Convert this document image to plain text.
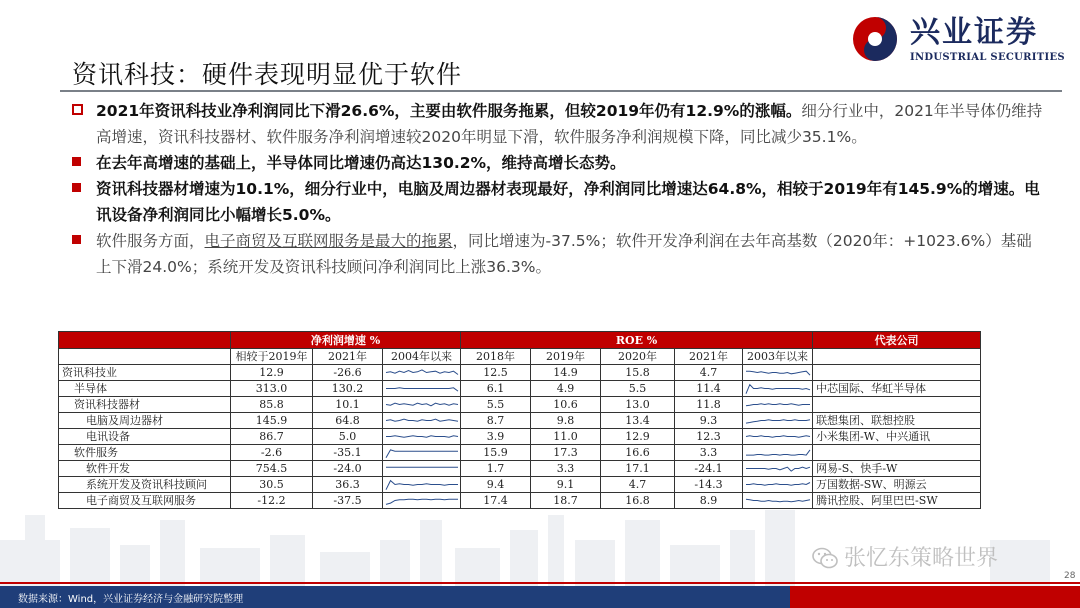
兴业证券
INDUSTRIAL SECURITIES
资讯科技：硬件表现明显优于软件
2021年资讯科技业净利润同比下滑26.6%，主要由软件服务拖累，但较2019年仍有12.9%的涨幅。细分行业中，2021年半导体仍维持高增速，资讯科技器材、软件服务净利润增速较2020年明显下滑，软件服务净利润规模下降，同比减少35.1%。
在去年高增速的基础上，半导体同比增速仍高达130.2%，维持高增长态势。
资讯科技器材增速为10.1%，细分行业中，电脑及周边器材表现最好，净利润同比增速达64.8%，相较于2019年有145.9%的增速。电讯设备净利润同比小幅增长5.0%。
软件服务方面，电子商贸及互联网服务是最大的拖累，同比增速为-37.5%；软件开发净利润在去年高基数（2020年：+1023.6%）基础上下滑24.0%；系统开发及资讯科技顾问净利润同比上涨36.3%。
	净利润增速 %			ROE %					代表公司
	相较于2019年	2021年	2004年以来	2018年	2019年	2020年	2021年	2003年以来	
资讯科技业	12.9	-26.6		12.5	14.9	15.8	4.7	

半导体	313.0	130.2		6.1	4.9	5.5	11.4		中芯国际、华虹半导体
资讯科技器材	85.8	10.1		5.5	10.6	13.0	11.8	

电脑及周边器材	145.9	64.8		8.7	9.8	13.4	9.3		联想集团、联想控股
电讯设备	86.7	5.0		3.9	11.0	12.9	12.3		小米集团-W、中兴通讯
软件服务	-2.6	-35.1		15.9	17.3	16.6	3.3	

软件开发	754.5	-24.0		1.7	3.3	17.1	-24.1		网易-S、快手-W
系统开发及资讯科技顾问	30.5	36.3		9.4	9.1	4.7	-14.3		万国数据-SW、明源云
电子商贸及互联网服务	-12.2	-37.5		17.4	18.7	16.8	8.9		腾讯控股、阿里巴巴-SW
张忆东策略世界
28
数据来源：Wind，兴业证券经济与金融研究院整理
